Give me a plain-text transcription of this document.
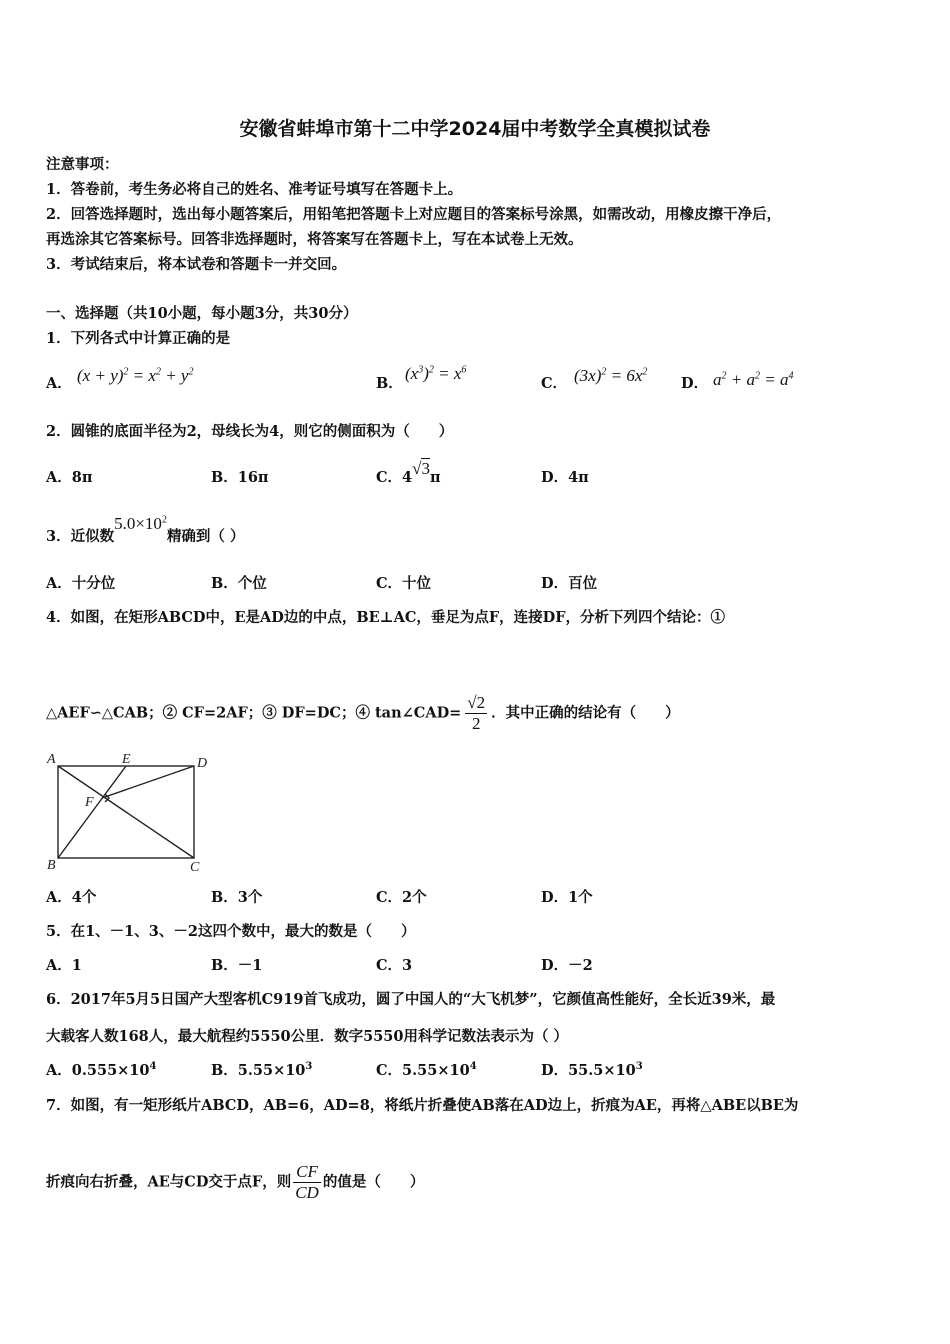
安徽省蚌埠市第十二中学2024届中考数学全真模拟试卷
注意事项：
1．答卷前，考生务必将自己的姓名、准考证号填写在答题卡上。
2．回答选择题时，选出每小题答案后，用铅笔把答题卡上对应题目的答案标号涂黑，如需改动，用橡皮擦干净后，
再选涂其它答案标号。回答非选择题时，将答案写在答题卡上，写在本试卷上无效。
3．考试结束后，将本试卷和答题卡一并交回。
一、选择题（共10小题，每小题3分，共30分）
1．下列各式中计算正确的是
A． $(x + y)^2 = x^2 + y^2$
B．
$(x^3)^2 = x^6$
C． $(3x)^2 = 6x^2$
D． $a^2 + a^2 = a^4$
2．圆锥的底面半径为2，母线长为4，则它的侧面积为（　　）
A．8π	B．16π	C．4√3π	D．4π
3．近似数$5.0\times 10^2$精确到（ ）
A．十分位	B．个位	C．十位	D．百位
4．如图，在矩形ABCD中，E是AD边的中点，BE⊥AC，垂足为点F，连接DF，分析下列四个结论：①
△AEF∽△CAB；② CF=2AF；③ DF=DC；④ tan∠CAD= $\frac{√2}{2}$ ．其中正确的结论有（　　）
A	E	D
F
B	C
A．4个	B．3个	C．2个	D．1个
5．在1、－1、3、－2这四个数中，最大的数是（　　）
A．1	B．－1	C．3	D．－2
6．2017年5月5日国产大型客机C919首飞成功，圆了中国人的“大飞机梦”，它颜值高性能好，全长近39米，最
大载客人数168人，最大航程约5550公里．数字5550用科学记数法表示为（ ）
A．$0.555\times 10^4$	B．$5.55\times 10^3$	C．$5.55\times 10^4$	D．$55.5\times 10^3$
7．如图，有一矩形纸片ABCD，AB=6，AD=8，将纸片折叠使AB落在AD边上，折痕为AE，再将△ABE以BE为
折痕向右折叠，AE与CD交于点F，则 $\frac{CF}{CD}$ 的值是（　　）
